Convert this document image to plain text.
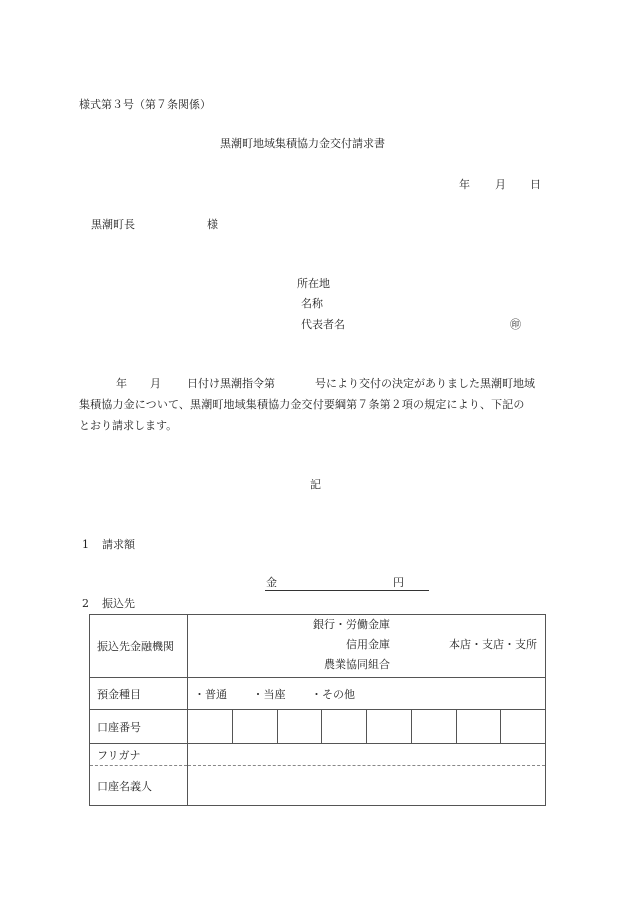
様式第３号（第７条関係）
黒潮町地域集積協力金交付請求書
年 月 日
黒潮町長	様
所在地
名称
代表者名	㊞
年 月 日付け黒潮指令第	号により交付の決定がありました黒潮町地域
集積協力金について、黒潮町地域集積協力金交付要綱第７条第２項の規定により、下記の
とおり請求します。
記
1 請求額
金	円
2 振込先
振込先金融機関	銀行・労働金庫
信用金庫
農業協同組合
本店・支店・支所

預金種目	・普通 ・当座 ・その他
口座番号	

フリガナ	
口座名義人	
